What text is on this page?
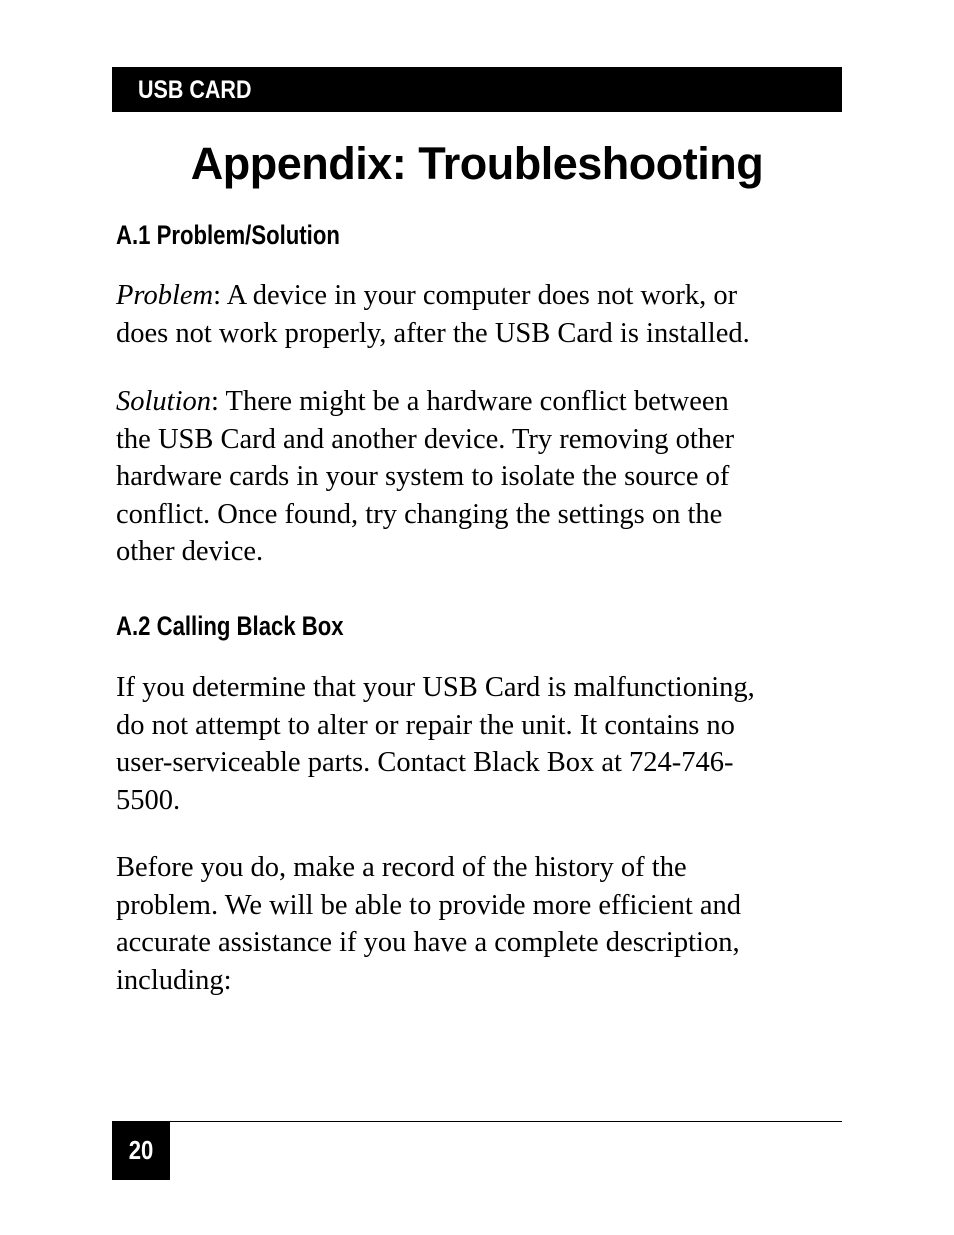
USB CARD
Appendix: Troubleshooting
A.1 Problem/Solution

Problem: A device in your computer does not work, or
does not work properly, after the USB Card is installed.

Solution: There might be a hardware conflict between
the USB Card and another device. Try removing other
hardware cards in your system to isolate the source of
conflict. Once found, try changing the settings on the
other device.

A.2 Calling Black Box

If you determine that your USB Card is malfunctioning,
do not attempt to alter or repair the unit. It contains no
user-serviceable parts. Contact Black Box at 724-746-
5500.

Before you do, make a record of the history of the
problem. We will be able to provide more efficient and
accurate assistance if you have a complete description,
including:

20
